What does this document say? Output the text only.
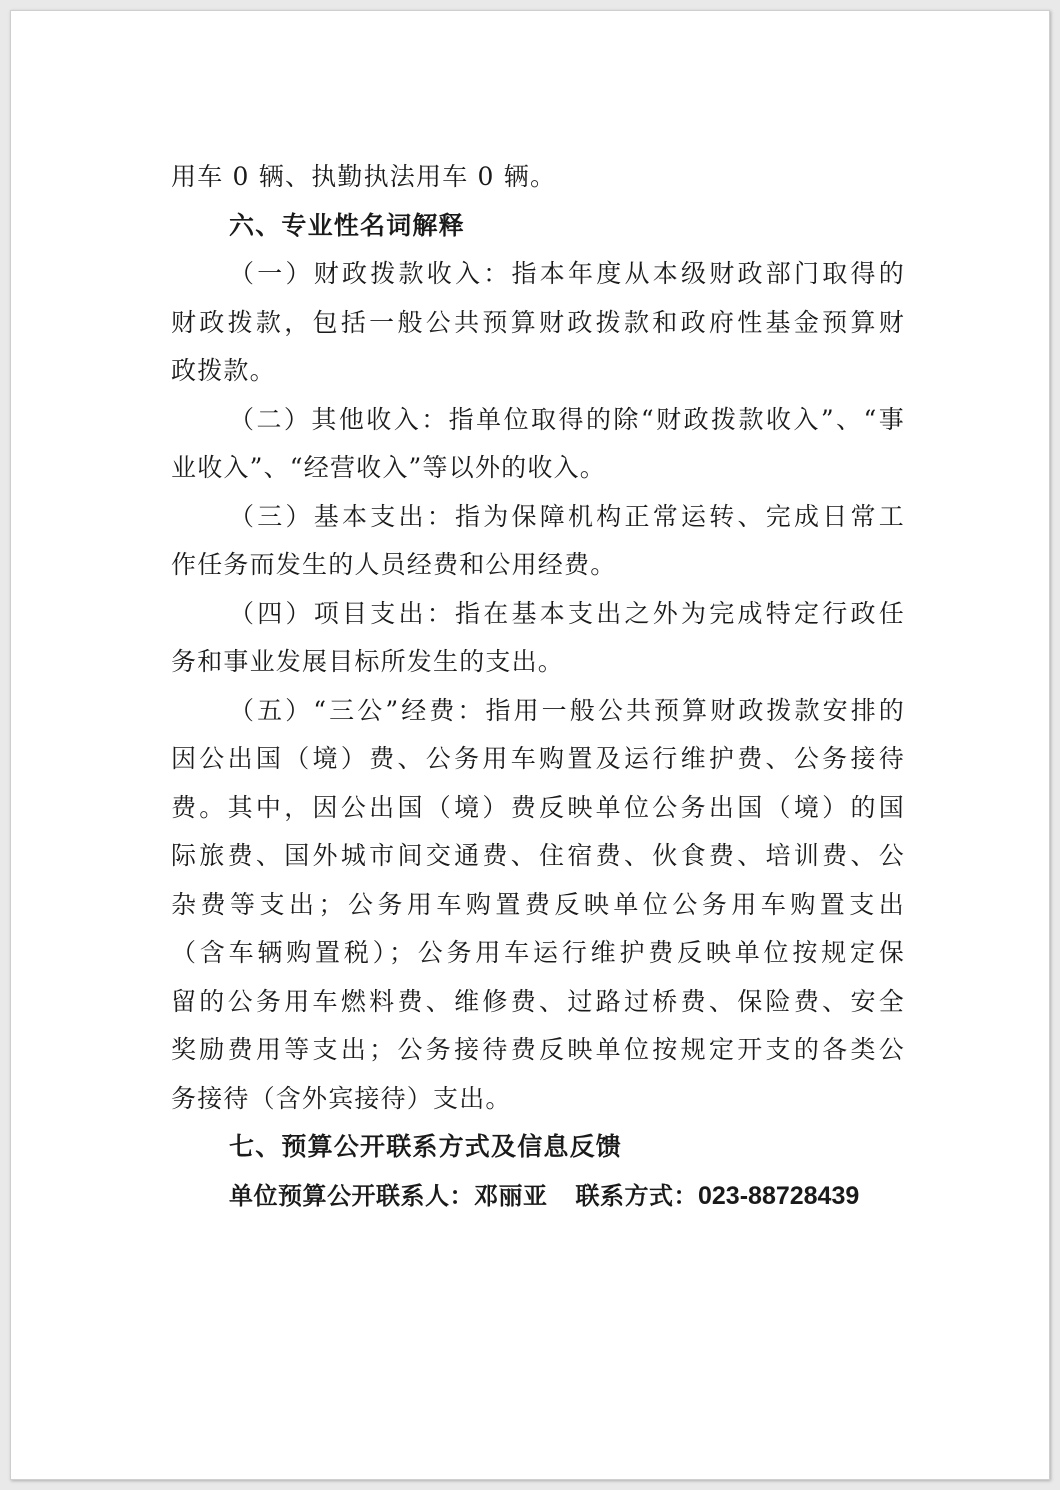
用车 0 辆、执勤执法用车 0 辆。
六、专业性名词解释
（一）财政拨款收入：指本年度从本级财政部门取得的
财政拨款，包括一般公共预算财政拨款和政府性基金预算财
政拨款。
（二）其他收入：指单位取得的除“财政拨款收入”、“事
业收入”、“经营收入”等以外的收入。
（三）基本支出：指为保障机构正常运转、完成日常工
作任务而发生的人员经费和公用经费。
（四）项目支出：指在基本支出之外为完成特定行政任
务和事业发展目标所发生的支出。
（五）“三公”经费：指用一般公共预算财政拨款安排的
因公出国（境）费、公务用车购置及运行维护费、公务接待
费。其中，因公出国（境）费反映单位公务出国（境）的国
际旅费、国外城市间交通费、住宿费、伙食费、培训费、公
杂费等支出；公务用车购置费反映单位公务用车购置支出
（含车辆购置税）；公务用车运行维护费反映单位按规定保
留的公务用车燃料费、维修费、过路过桥费、保险费、安全
奖励费用等支出；公务接待费反映单位按规定开支的各类公
务接待（含外宾接待）支出。
七、预算公开联系方式及信息反馈
单位预算公开联系人：邓丽亚 联系方式：023-88728439
